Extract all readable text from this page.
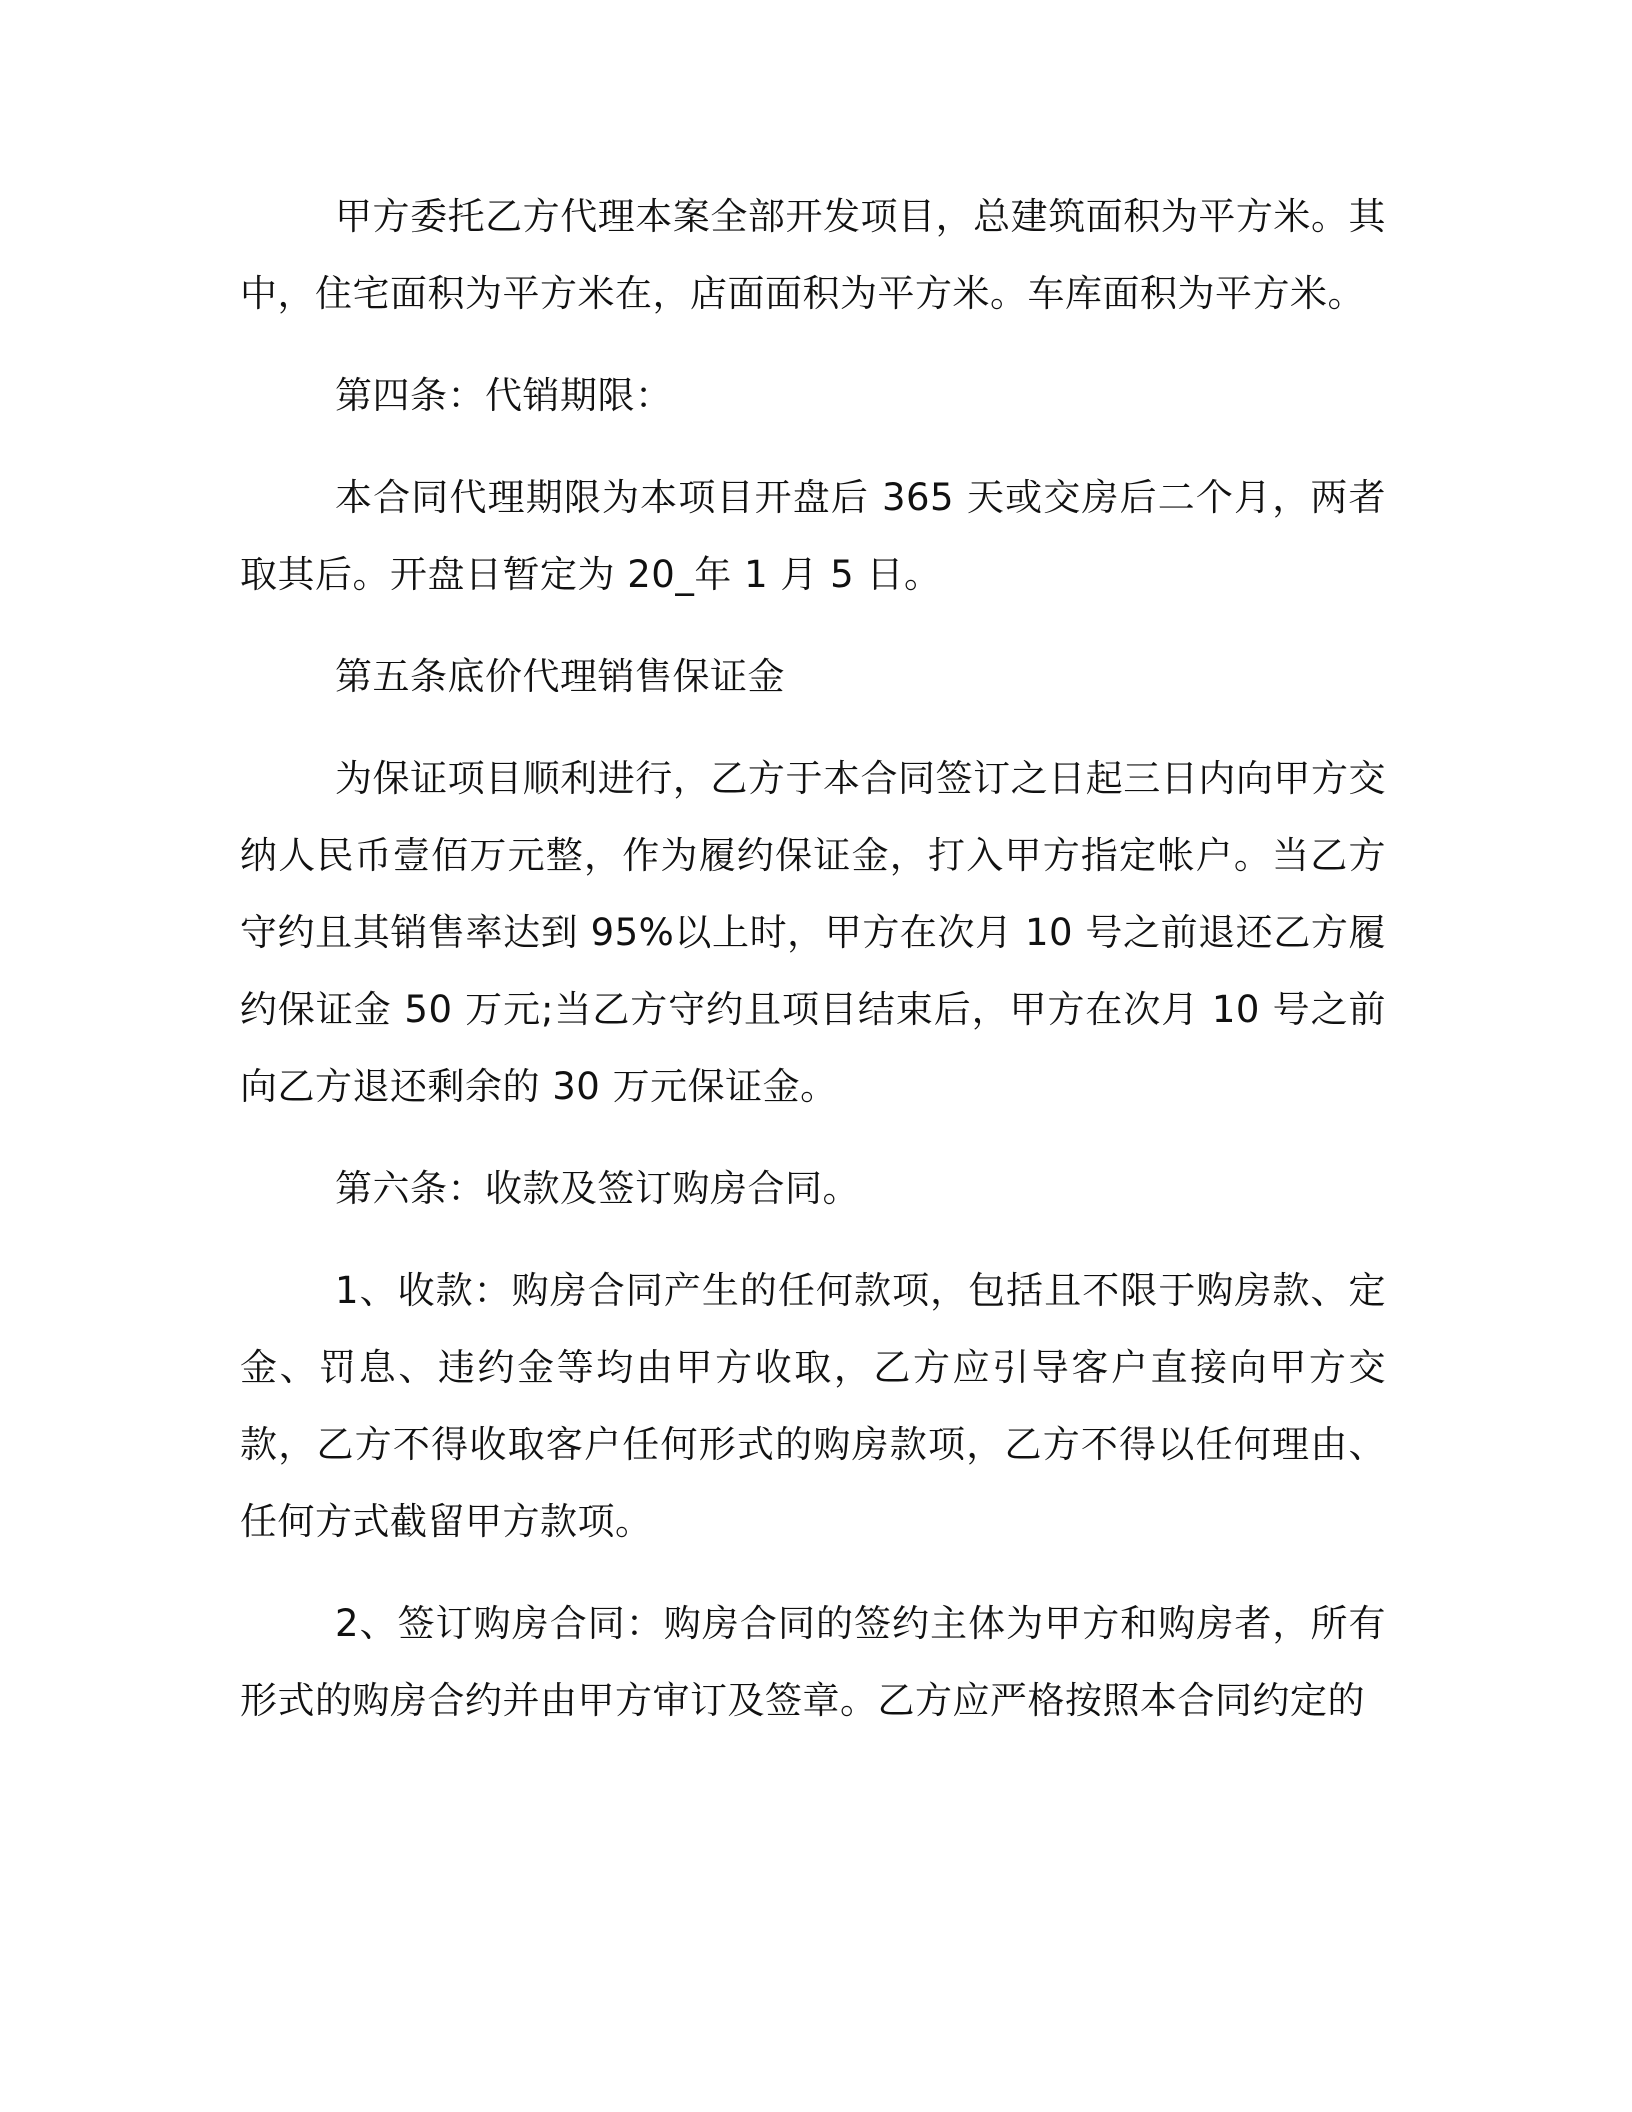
甲方委托乙方代理本案全部开发项目，总建筑面积为平方米。其中，住宅面积为平方米在，店面面积为平方米。车库面积为平方米。

第四条：代销期限：

本合同代理期限为本项目开盘后 365 天或交房后二个月，两者取其后。开盘日暂定为 20_年 1 月 5 日。

第五条底价代理销售保证金

为保证项目顺利进行，乙方于本合同签订之日起三日内向甲方交纳人民币壹佰万元整，作为履约保证金，打入甲方指定帐户。当乙方守约且其销售率达到 95%以上时，甲方在次月 10 号之前退还乙方履约保证金 50 万元;当乙方守约且项目结束后，甲方在次月 10 号之前向乙方退还剩余的 30 万元保证金。

第六条：收款及签订购房合同。

1、收款：购房合同产生的任何款项，包括且不限于购房款、定金、罚息、违约金等均由甲方收取，乙方应引导客户直接向甲方交款，乙方不得收取客户任何形式的购房款项，乙方不得以任何理由、任何方式截留甲方款项。

2、签订购房合同：购房合同的签约主体为甲方和购房者，所有形式的购房合约并由甲方审订及签章。乙方应严格按照本合同约定的
